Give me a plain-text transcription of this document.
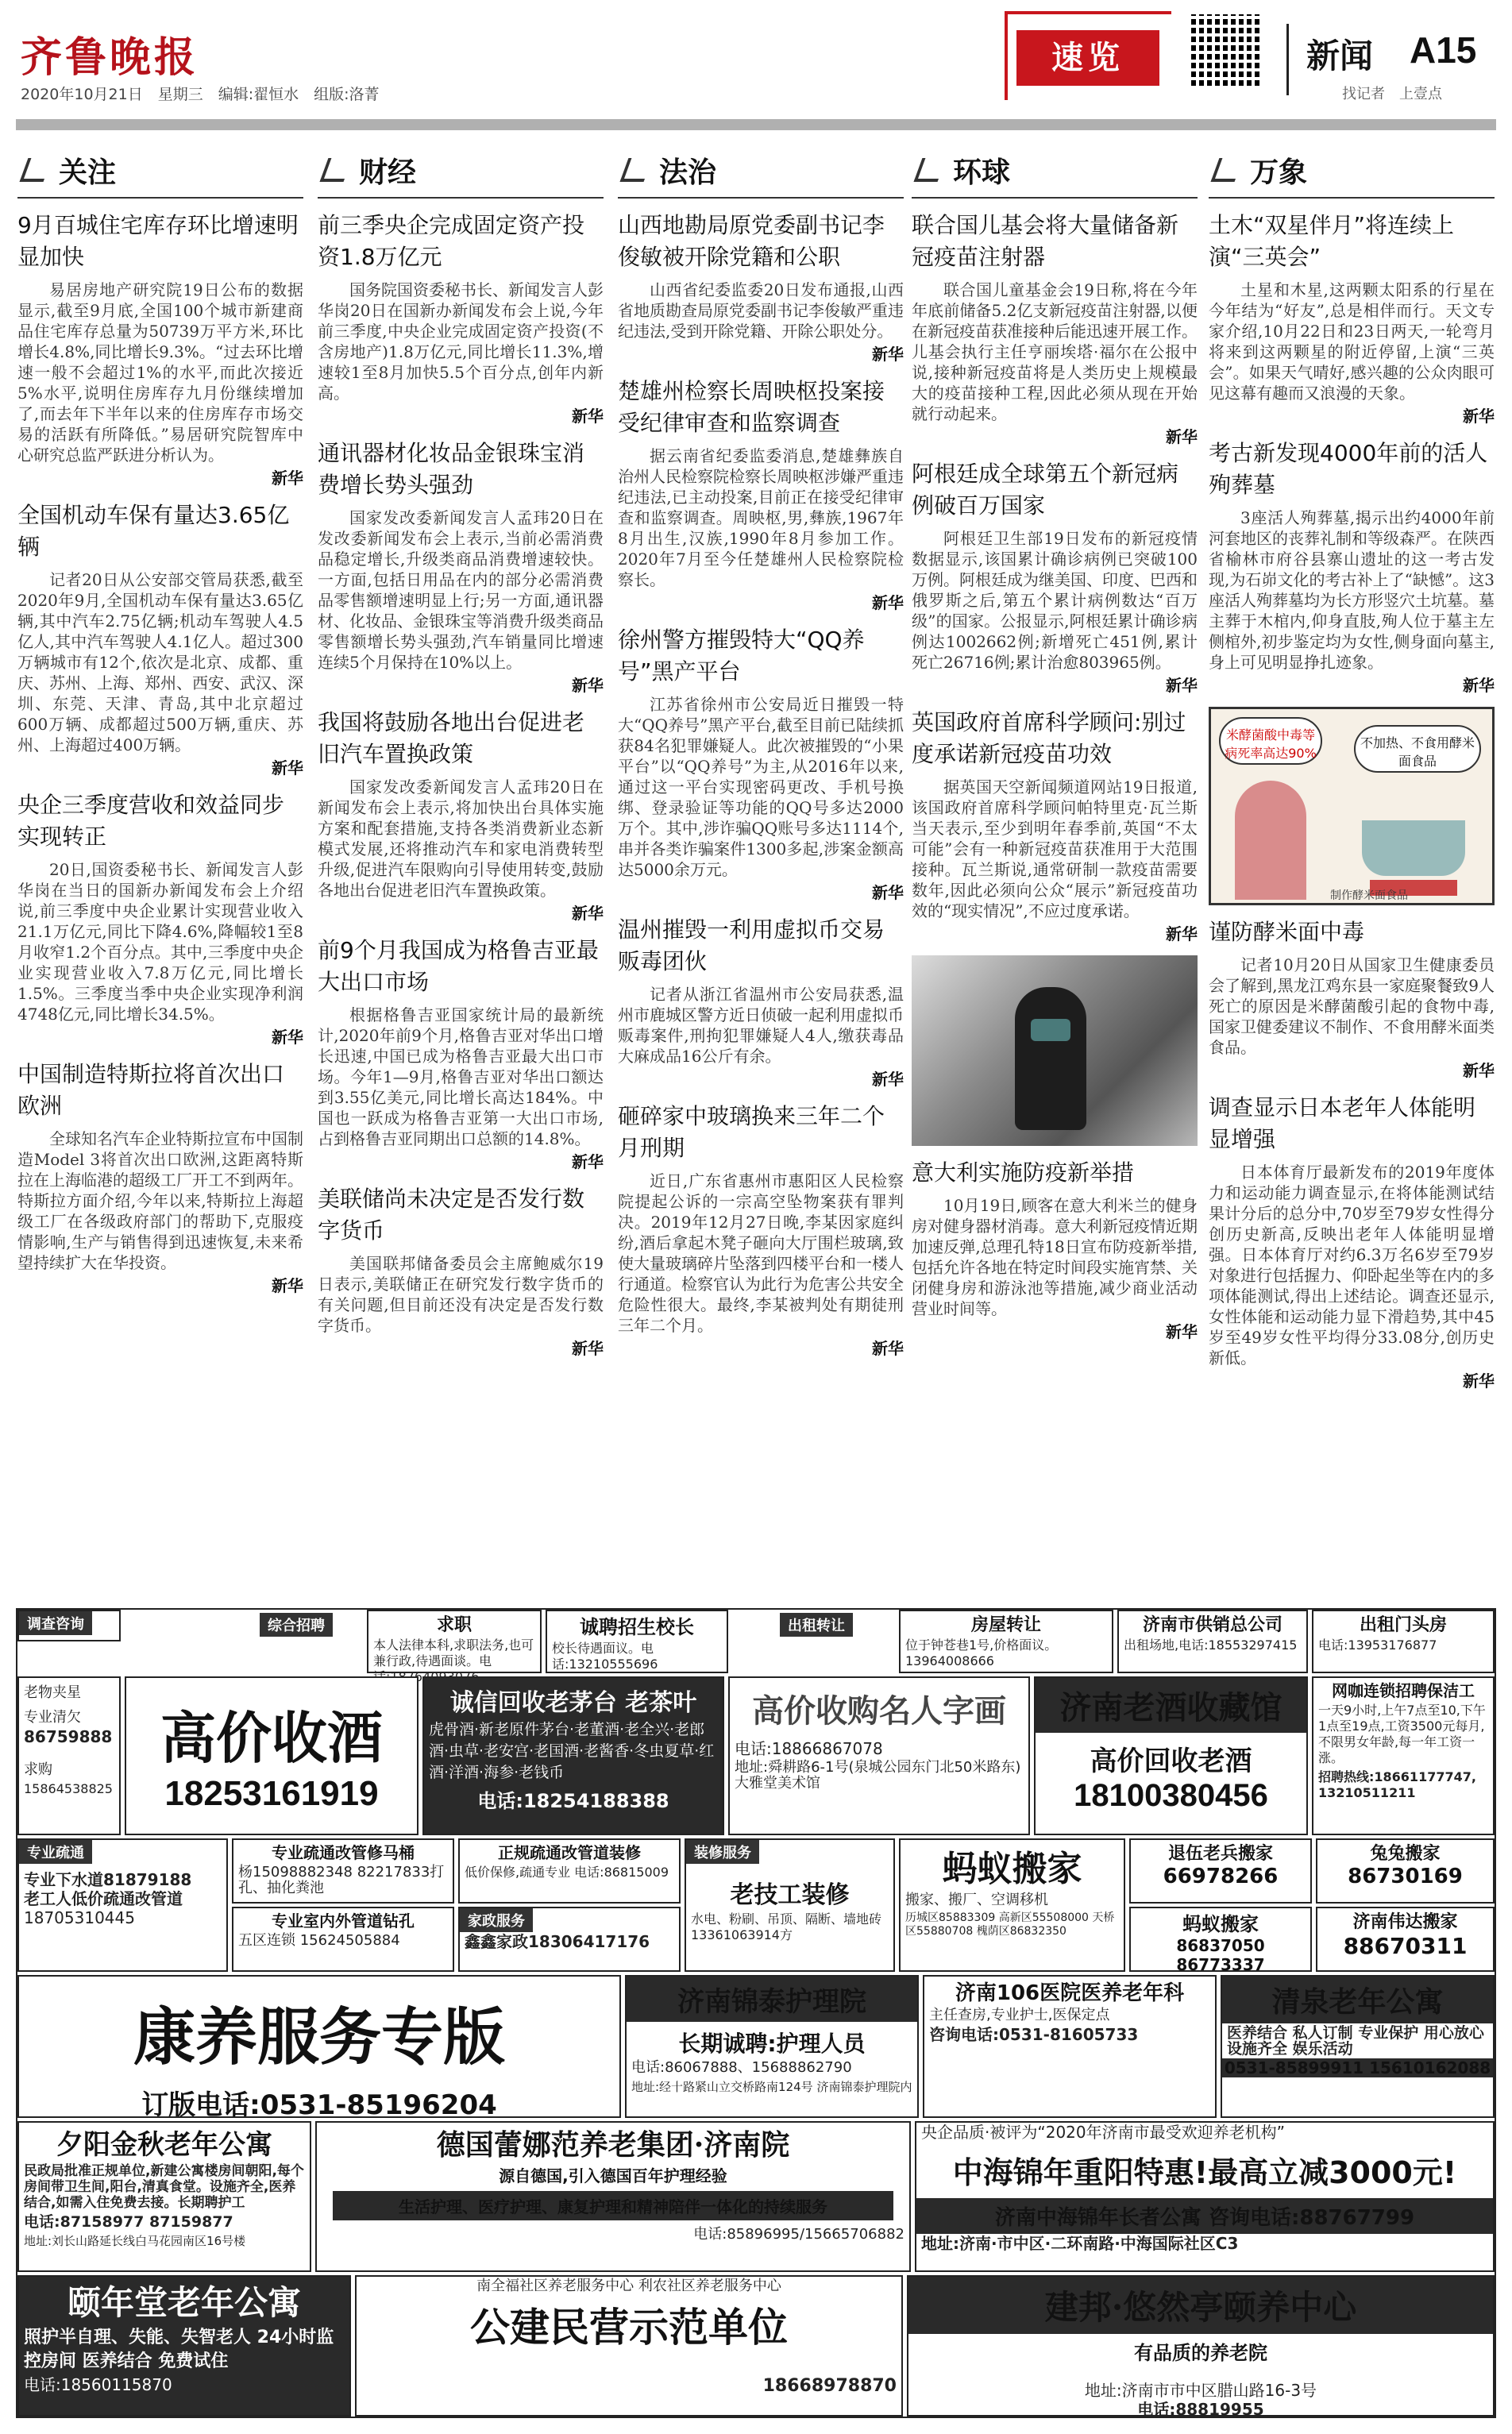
齐鲁晚报
2020年10月21日　星期三　编辑:翟恒水　组版:洛菁
速览	新闻 A15
找记者　上壹点
关注
9月百城住宅库存环比增速明显加快

易居房地产研究院19日公布的数据显示,截至9月底,全国100个城市新建商品住宅库存总量为50739万平方米,环比增长4.8%,同比增长9.3%。“过去环比增速一般不会超过1%的水平,而此次接近5%水平,说明住房库存九月份继续增加了,而去年下半年以来的住房库存市场交易的活跃有所降低。”易居研究院智库中心研究总监严跃进分析认为。

新华
全国机动车保有量达3.65亿辆

记者20日从公安部交管局获悉,截至2020年9月,全国机动车保有量达3.65亿辆,其中汽车2.75亿辆;机动车驾驶人4.5亿人,其中汽车驾驶人4.1亿人。超过300万辆城市有12个,依次是北京、成都、重庆、苏州、上海、郑州、西安、武汉、深圳、东莞、天津、青岛,其中北京超过600万辆、成都超过500万辆,重庆、苏州、上海超过400万辆。

新华
央企三季度营收和效益同步实现转正

20日,国资委秘书长、新闻发言人彭华岗在当日的国新办新闻发布会上介绍说,前三季度中央企业累计实现营业收入21.1万亿元,同比下降4.6%,降幅较1至8月收窄1.2个百分点。其中,三季度中央企业实现营业收入7.8万亿元,同比增长1.5%。三季度当季中央企业实现净利润4748亿元,同比增长34.5%。

新华
中国制造特斯拉将首次出口欧洲

全球知名汽车企业特斯拉宣布中国制造Model 3将首次出口欧洲,这距离特斯拉在上海临港的超级工厂开工不到两年。特斯拉方面介绍,今年以来,特斯拉上海超级工厂在各级政府部门的帮助下,克服疫情影响,生产与销售得到迅速恢复,未来希望持续扩大在华投资。

新华
财经
前三季央企完成固定资产投资1.8万亿元

国务院国资委秘书长、新闻发言人彭华岗20日在国新办新闻发布会上说,今年前三季度,中央企业完成固定资产投资(不含房地产)1.8万亿元,同比增长11.3%,增速较1至8月加快5.5个百分点,创年内新高。

新华
通讯器材化妆品金银珠宝消费增长势头强劲

国家发改委新闻发言人孟玮20日在发改委新闻发布会上表示,当前必需消费品稳定增长,升级类商品消费增速较快。一方面,包括日用品在内的部分必需消费品零售额增速明显上行;另一方面,通讯器材、化妆品、金银珠宝等消费升级类商品零售额增长势头强劲,汽车销量同比增速连续5个月保持在10%以上。

新华
我国将鼓励各地出台促进老旧汽车置换政策

国家发改委新闻发言人孟玮20日在新闻发布会上表示,将加快出台具体实施方案和配套措施,支持各类消费新业态新模式发展,还将推动汽车和家电消费转型升级,促进汽车限购向引导使用转变,鼓励各地出台促进老旧汽车置换政策。

新华
前9个月我国成为格鲁吉亚最大出口市场

根据格鲁吉亚国家统计局的最新统计,2020年前9个月,格鲁吉亚对华出口增长迅速,中国已成为格鲁吉亚最大出口市场。今年1—9月,格鲁吉亚对华出口额达到3.55亿美元,同比增长高达184%。中国也一跃成为格鲁吉亚第一大出口市场,占到格鲁吉亚同期出口总额的14.8%。

新华
美联储尚未决定是否发行数字货币

美国联邦储备委员会主席鲍威尔19日表示,美联储正在研究发行数字货币的有关问题,但目前还没有决定是否发行数字货币。

新华
法治
山西地勘局原党委副书记李俊敏被开除党籍和公职

山西省纪委监委20日发布通报,山西省地质勘查局原党委副书记李俊敏严重违纪违法,受到开除党籍、开除公职处分。

新华
楚雄州检察长周映枢投案接受纪律审查和监察调查

据云南省纪委监委消息,楚雄彝族自治州人民检察院检察长周映枢涉嫌严重违纪违法,已主动投案,目前正在接受纪律审查和监察调查。周映枢,男,彝族,1967年8月出生,汉族,1990年8月参加工作。2020年7月至今任楚雄州人民检察院检察长。

新华
徐州警方摧毁特大“QQ养号”黑产平台

江苏省徐州市公安局近日摧毁一特大“QQ养号”黑产平台,截至目前已陆续抓获84名犯罪嫌疑人。此次被摧毁的“小果平台”以“QQ养号”为主,从2016年以来,通过这一平台实现密码更改、手机号换绑、登录验证等功能的QQ号多达2000万个。其中,涉诈骗QQ账号多达1114个,串并各类诈骗案件1300多起,涉案金额高达5000余万元。

新华
温州摧毁一利用虚拟币交易贩毒团伙

记者从浙江省温州市公安局获悉,温州市鹿城区警方近日侦破一起利用虚拟币贩毒案件,刑拘犯罪嫌疑人4人,缴获毒品大麻成品16公斤有余。

新华
砸碎家中玻璃换来三年二个月刑期

近日,广东省惠州市惠阳区人民检察院提起公诉的一宗高空坠物案获有罪判决。2019年12月27日晚,李某因家庭纠纷,酒后拿起木凳子砸向大厅围栏玻璃,致使大量玻璃碎片坠落到四楼平台和一楼人行通道。检察官认为此行为危害公共安全危险性很大。最终,李某被判处有期徒刑三年二个月。

新华
环球
联合国儿基会将大量储备新冠疫苗注射器

联合国儿童基金会19日称,将在今年年底前储备5.2亿支新冠疫苗注射器,以便在新冠疫苗获准接种后能迅速开展工作。儿基会执行主任亨丽埃塔·福尔在公报中说,接种新冠疫苗将是人类历史上规模最大的疫苗接种工程,因此必须从现在开始就行动起来。

新华
阿根廷成全球第五个新冠病例破百万国家

阿根廷卫生部19日发布的新冠疫情数据显示,该国累计确诊病例已突破100万例。阿根廷成为继美国、印度、巴西和俄罗斯之后,第五个累计病例数达“百万级”的国家。公报显示,阿根廷累计确诊病例达1002662例;新增死亡451例,累计死亡26716例;累计治愈803965例。

新华
英国政府首席科学顾问:别过度承诺新冠疫苗功效

据英国天空新闻频道网站19日报道,该国政府首席科学顾问帕特里克·瓦兰斯当天表示,至少到明年春季前,英国“不太可能”会有一种新冠疫苗获准用于大范围接种。瓦兰斯说,通常研制一款疫苗需要数年,因此必须向公众“展示”新冠疫苗功效的“现实情况”,不应过度承诺。

新华
意大利实施防疫新举措

10月19日,顾客在意大利米兰的健身房对健身器材消毒。意大利新冠疫情近期加速反弹,总理孔特18日宣布防疫新举措,包括允许各地在特定时间段实施宵禁、关闭健身房和游泳池等措施,减少商业活动营业时间等。

新华
万象
土木“双星伴月”将连续上演“三英会”

土星和木星,这两颗太阳系的行星在今年结为“好友”,总是相伴而行。天文专家介绍,10月22日和23日两天,一轮弯月将来到这两颗星的附近停留,上演“三英会”。如果天气晴好,感兴趣的公众肉眼可见这幕有趣而又浪漫的天象。

新华
考古新发现4000年前的活人殉葬墓

3座活人殉葬墓,揭示出约4000年前河套地区的丧葬礼制和等级森严。在陕西省榆林市府谷县寨山遗址的这一考古发现,为石峁文化的考古补上了“缺憾”。这3座活人殉葬墓均为长方形竖穴土坑墓。墓主葬于木棺内,仰身直肢,殉人位于墓主左侧棺外,初步鉴定均为女性,侧身面向墓主,身上可见明显挣扎迹象。

新华
米酵菌酸中毒等病死率高达90%
不加热、不食用酵米面食品
制作酵米面食品
谨防酵米面中毒

记者10月20日从国家卫生健康委员会了解到,黑龙江鸡东县一家庭聚餐致9人死亡的原因是米酵菌酸引起的食物中毒,国家卫健委建议不制作、不食用酵米面类食品。

新华
调查显示日本老年人体能明显增强

日本体育厅最新发布的2019年度体力和运动能力调查显示,在将体能测试结果计分后的总分中,70岁至79岁女性得分创历史新高,反映出老年人体能明显增强。日本体育厅对约6.3万名6岁至79岁对象进行包括握力、仰卧起坐等在内的多项体能测试,得出上述结论。调查还显示,女性体能和运动能力显下滑趋势,其中45岁至49岁女性平均得分33.08分,创历史新低。

新华
调查咨询	综合招聘	求职
本人法律本科,求职法务,也可兼行政,待遇面谈。电 87640
诚聘招生校长
校长待遇面议。电话:13210555696
出租转让	房屋转让
位于钟苍巷1号,价格面议。13964008666
济南市供销总公司
出租场地,电话:18553297415
出租门头房
电话:13953176877
老物夹星
专业清欠
86759888
求购
15864538825
高价收酒
18253161919
诚信回收老茅台 老茶叶
虎骨酒·新老原件茅台·老董酒·老全兴·老郎酒·虫草·老安宫·老国酒·老酱香·冬虫夏草·红酒·洋酒·海参·老钱币
电话:18254188388
高价收购名人字画
电话:18866867078
地址:舜耕路6-1号(泉城公园东门北50米路东)大雅堂美术馆
济南老酒收藏馆
高价回收老酒
18100380456
网咖连锁招聘保洁工
一天9小时,上午7点至10,下午1点至19点,工资3500元每月,不限男女年龄,每一年工资一涨。
招聘热线:18661177747, 13210511211
专业疏通
专业下水道81879188
老工人低价疏通改管道
18705310445
专业疏通改管修马桶
杨15098882348 82217833打孔、抽化粪池
正规疏通改管道装修
低价保修,疏通专业 电话:86815009
专业室内外管道钻孔
五区连锁 15624505884
家政服务
鑫鑫家政18306417176
装修服务
老技工装修
水电、粉刷、吊顶、隔断、墙地砖13361063914方
蚂蚁搬家
搬家、搬厂、空调移机
历城区85883309 高新区55508000 天桥区55880708 槐荫区86832350
退伍老兵搬家
66978266
蚂蚁搬家
86837050 86773337
兔兔搬家
86730169
济南伟达搬家
88670311
康养服务专版
订版电话:0531-85196204
济南锦泰护理院
长期诚聘:护理人员
电话:86067888、15688862790
地址:经十路紧山立交桥路南124号 济南锦泰护理院内
济南106医院医养老年科
主任查房,专业护士,医保定点
咨询电话:0531-81605733
清泉老年公寓
医养结合 私人订制 专业保护 用心放心 设施齐全 娱乐活动
0531-85899911 15610162088
夕阳金秋老年公寓
民政局批准正规单位,新建公寓楼房间朝阳,每个房间带卫生间,阳台,清真食堂。设施齐全,医养结合,如需入住免费去接。长期聘护工
电话:87158977 87159877
地址:刘长山路延长线白马花园南区16号楼
德国蕾娜范养老集团·济南院
源自德国,引入德国百年护理经验
生活护理、医疗护理、康复护理和精神陪伴一体化的持续服务
电话:85896995/15665706882
央企品质·被评为“2020年济南市最受欢迎养老机构”
中海锦年重阳特惠!最高立减3000元!
济南中海锦年长者公寓 咨询电话:88767799
地址:济南·市中区·二环南路·中海国际社区C3
颐年堂老年公寓
照护半自理、失能、失智老人 24小时监控房间 医养结合 免费试住
电话:18560115870
南全福社区养老服务中心 利农社区养老服务中心
公建民营示范单位
18668978870
建邦·悠然亭颐养中心
有品质的养老院
地址:济南市市中区腊山路16-3号
电话:88819955
